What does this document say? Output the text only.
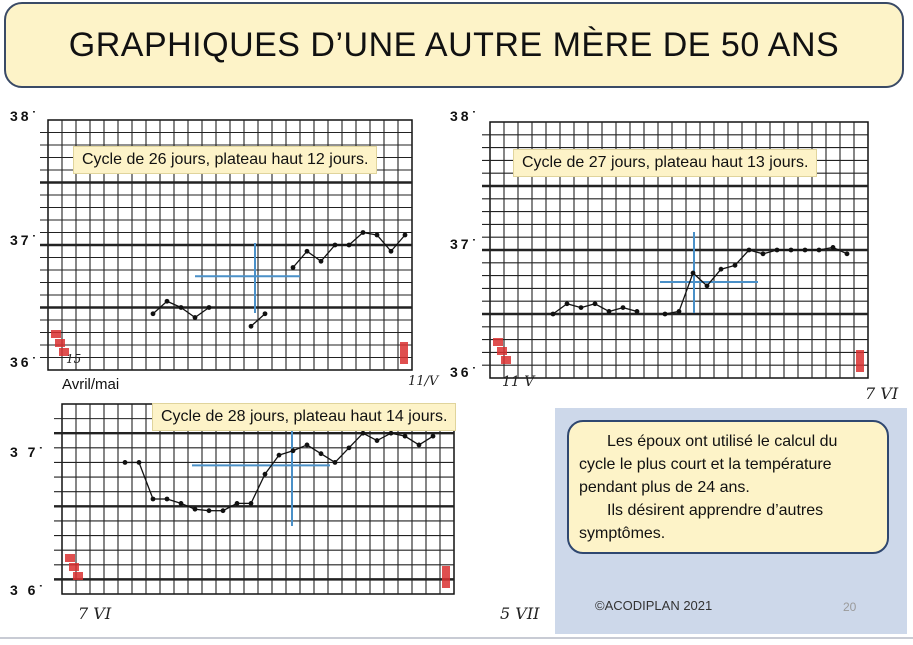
GRAPHIQUES D’UNE AUTRE MÈRE DE 50 ANS
38˙
37˙
36˙ 15
11/V
Avril/mai
Cycle de 26 jours, plateau haut 12 jours.
38˙
37˙
36˙
11 V
7 VI
Cycle de 27 jours, plateau haut 13 jours.
3 7˙
3 6˙
7 VI	5 VII
Cycle de 28 jours, plateau haut 14 jours.

Les époux ont utilisé le calcul du cycle le plus court et la température pendant plus de 24 ans.

Ils désirent apprendre d’autres symptômes.

©ACODIPLAN 2021	20
